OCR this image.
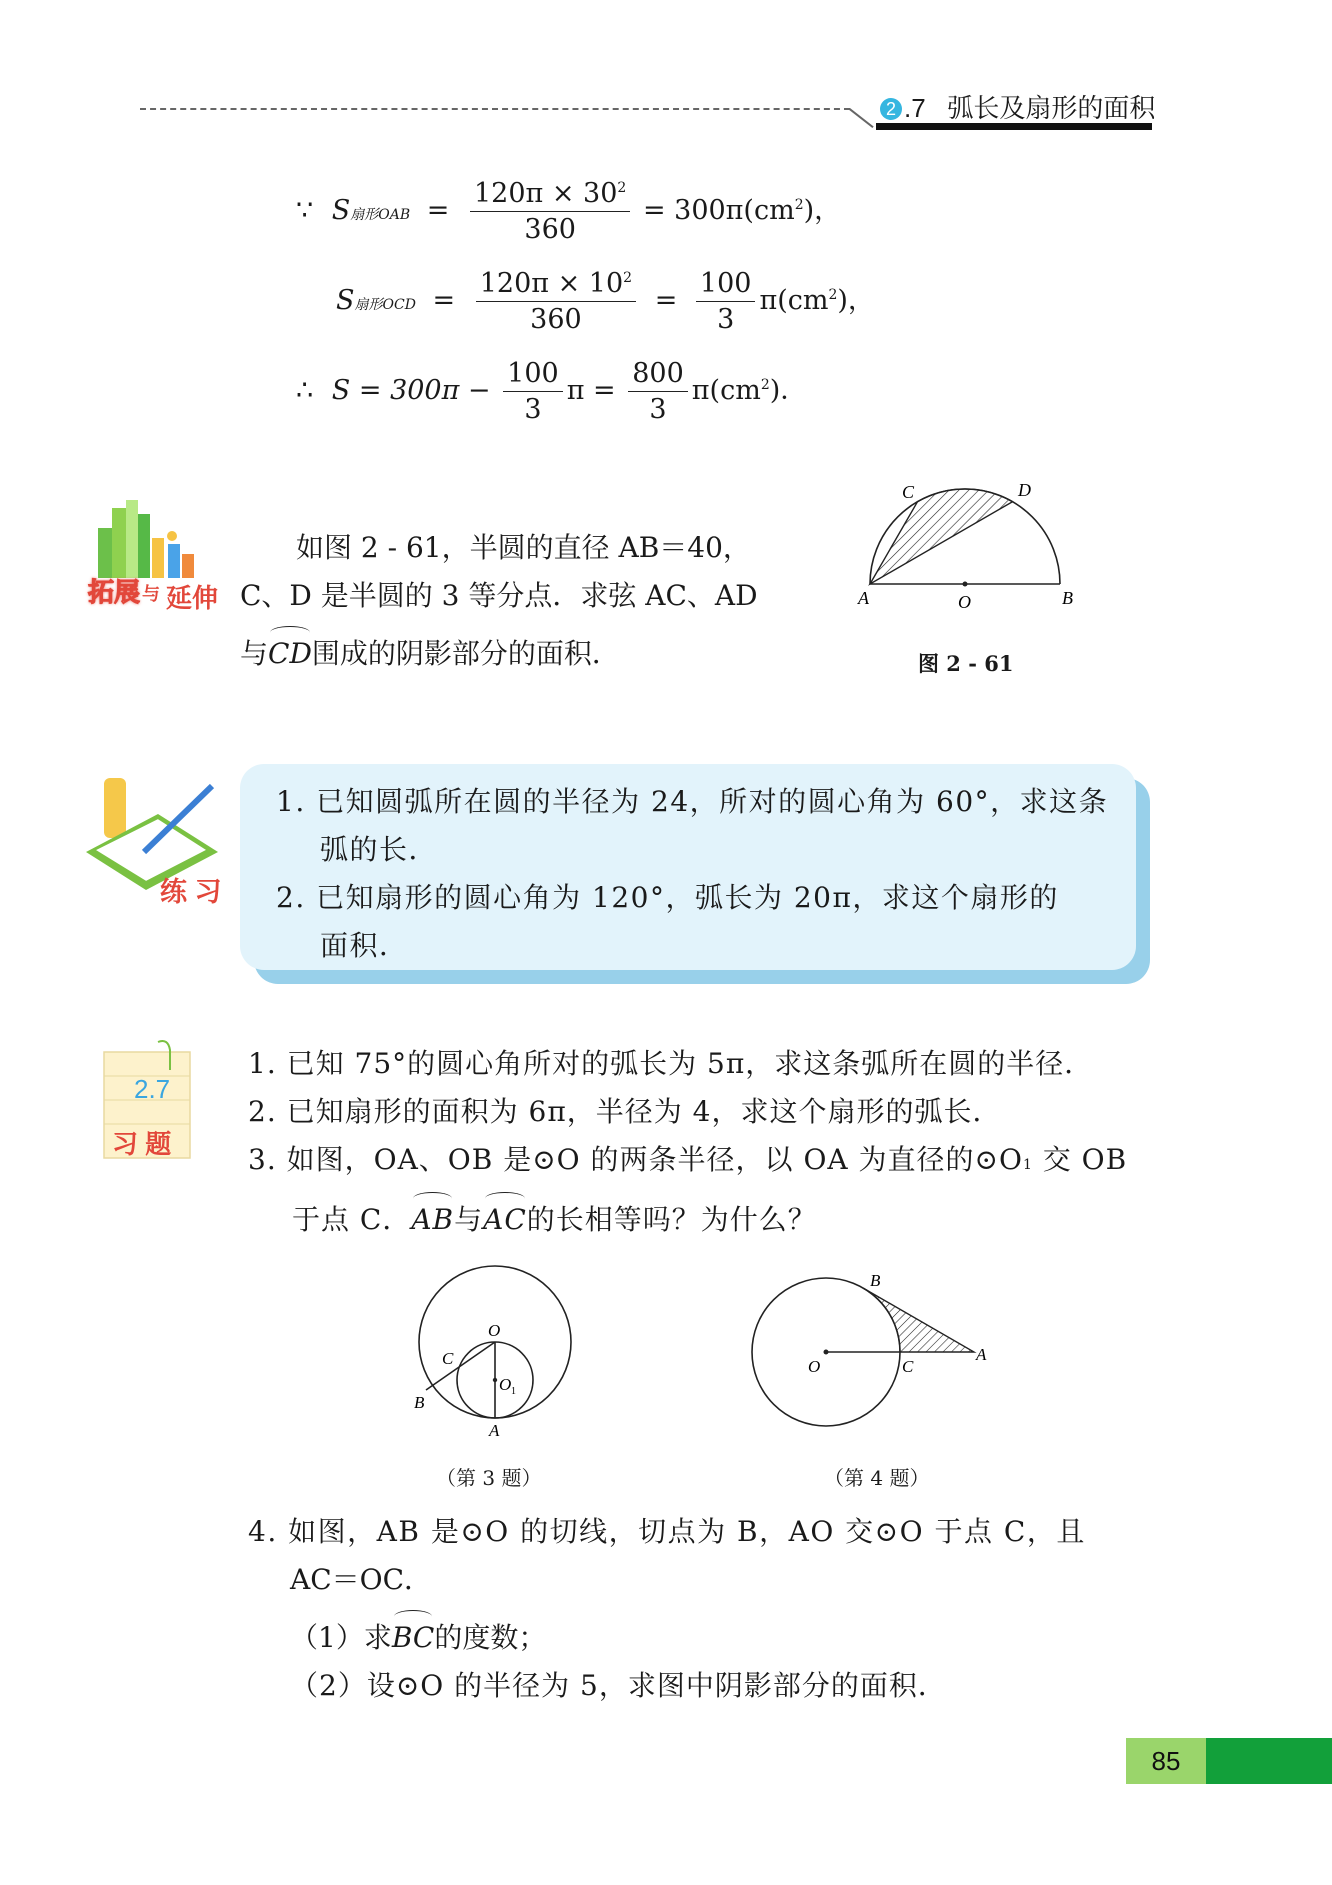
2 .7 弧长及扇形的面积
∵ S扇形OAB = $\frac{120\pi \times 30^2}{360} = 300\pi(cm^2)$，
S扇形OCD = $\frac{120\pi \times 10^2}{360} = \frac{100}{3} \pi(cm^2)$，
∴ $S = 300\pi - \frac{100}{3}$ $\pi = \frac{800}{3} \pi(cm^2)$．
拓展 与 延伸
如图 2 - 61，半圆的直径 AB＝40，
C、D 是半圆的 3 等分点．求弦 AC、AD
与CD围成的阴影部分的面积．
A	O	B
C	D
图 2 - 61
练 习
1. 已知圆弧所在圆的半径为 24，所对的圆心角为 60°，求这条
弧的长．
2. 已知扇形的圆心角为 120°，弧长为 20π，求这个扇形的
面积．
2.7
习 题
1. 已知 75°的圆心角所对的弧长为 5π，求这条弧所在圆的半径．
2. 已知扇形的面积为 6π，半径为 4，求这个扇形的弧长．
3. 如图，OA、OB 是⊙O 的两条半径，以 OA 为直径的⊙O1 交 OB
于点 C．AB与AC的长相等吗？为什么？
O
C
O 1
B
A
（第 3 题）
B
O	C
A
（第 4 题）
4. 如图，AB 是⊙O 的切线，切点为 B，AO 交⊙O 于点 C，且
AC＝OC．
（1）求BC的度数；
（2）设⊙O 的半径为 5，求图中阴影部分的面积．
85
